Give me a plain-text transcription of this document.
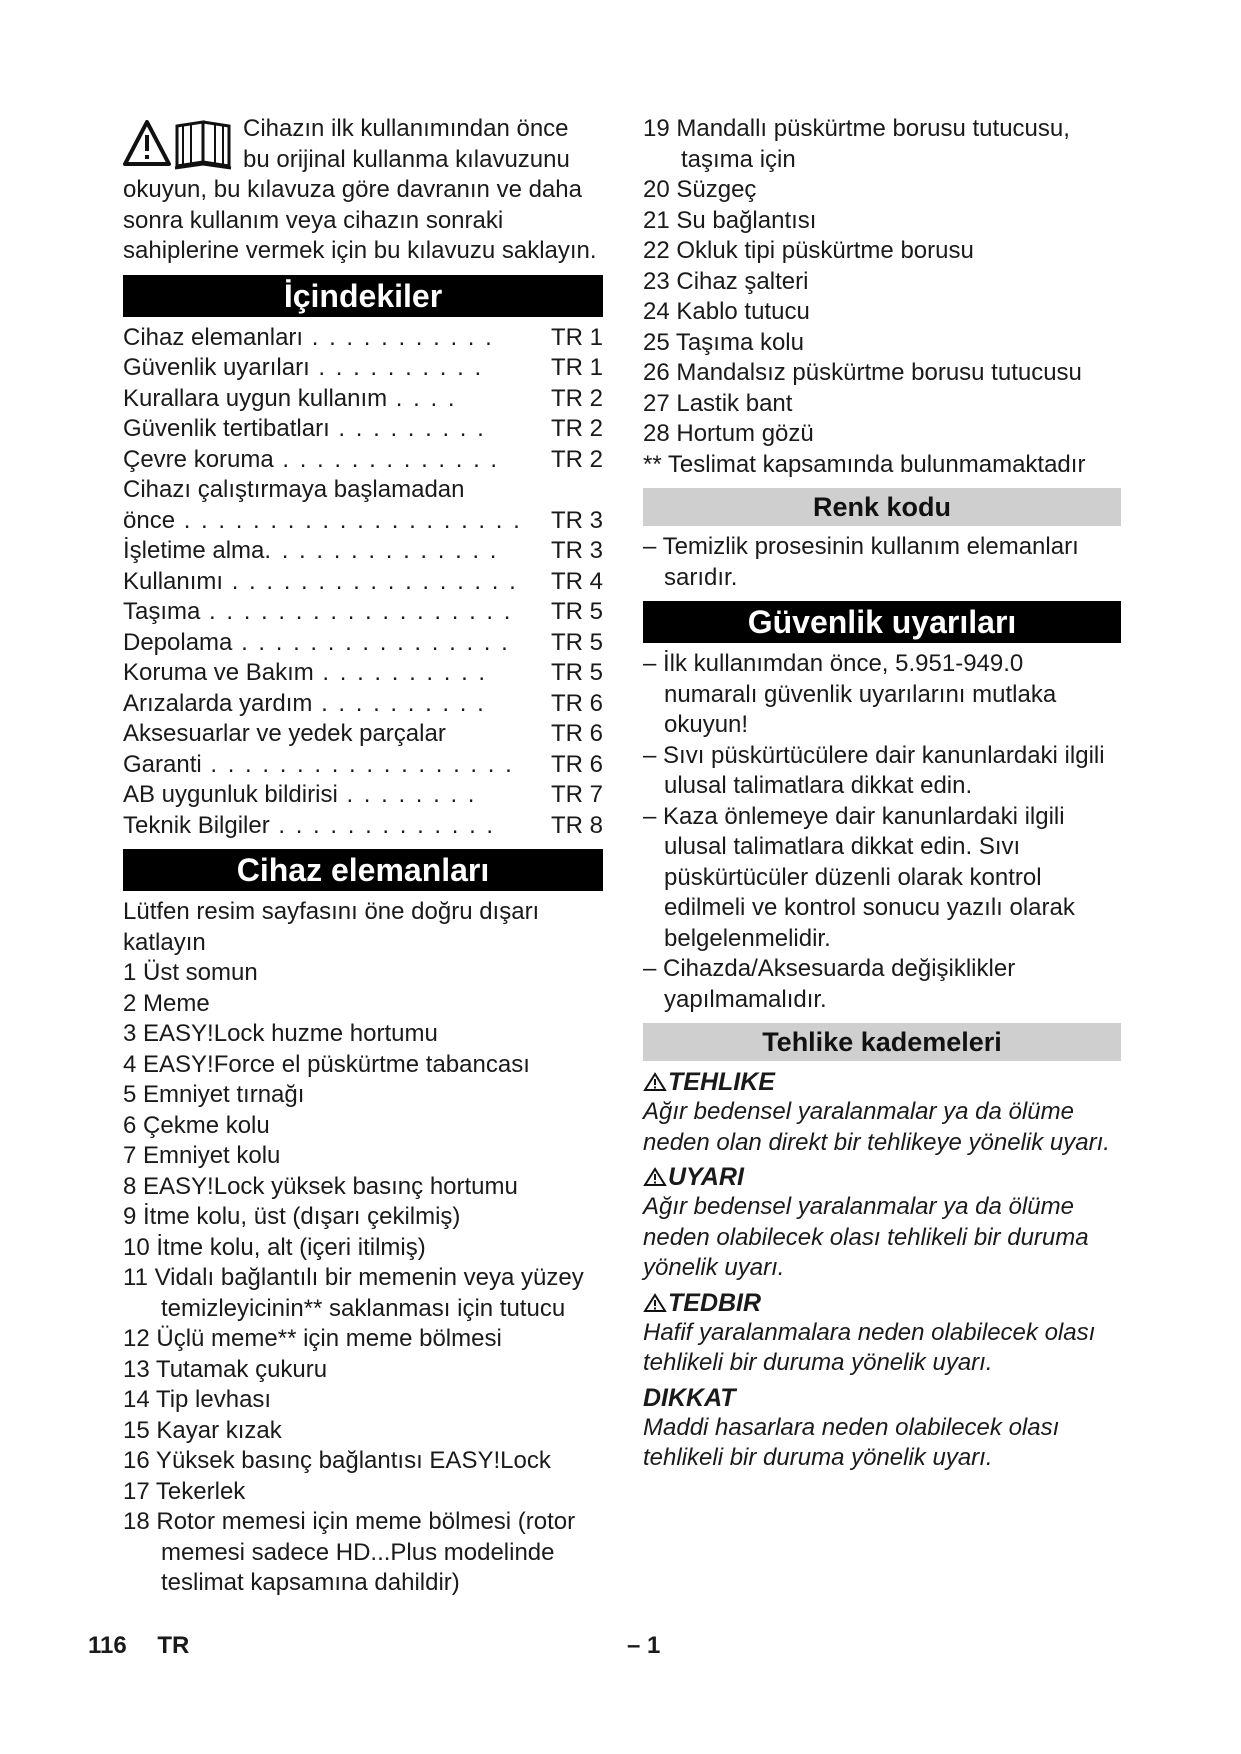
Cihazın ilk kullanımından önce

bu orijinal kullanma kılavuzunu

okuyun, bu kılavuza göre davranın ve daha sonra kullanım veya cihazın sonraki sahiplerine vermek için bu kılavuzu saklayın.

İçindekiler
Cihaz elemanları . . . . . . . . . . .	TR 1
Güvenlik uyarıları . . . . . . . . . .	TR 1
Kurallara uygun kullanım . . . .	TR 2
Güvenlik tertibatları . . . . . . . . .	TR 2
Çevre koruma . . . . . . . . . . . . .	TR 2
Cihazı çalıştırmaya başlamadan
önce . . . . . . . . . . . . . . . . . . . .	TR 3
İşletime alma. . . . . . . . . . . . . .	TR 3
Kullanımı . . . . . . . . . . . . . . . . .	TR 4
Taşıma . . . . . . . . . . . . . . . . . .	TR 5
Depolama . . . . . . . . . . . . . . . .	TR 5
Koruma ve Bakım . . . . . . . . . .	TR 5
Arızalarda yardım . . . . . . . . . .	TR 6
Aksesuarlar ve yedek parçalar	TR 6
Garanti . . . . . . . . . . . . . . . . . .	TR 6
AB uygunluk bildirisi . . . . . . . .	TR 7
Teknik Bilgiler . . . . . . . . . . . . .	TR 8
Cihaz elemanları

Lütfen resim sayfasını öne doğru dışarı katlayın

1 Üst somun

2 Meme

3 EASY!Lock huzme hortumu

4 EASY!Force el püskürtme tabancası

5 Emniyet tırnağı

6 Çekme kolu

7 Emniyet kolu

8 EASY!Lock yüksek basınç hortumu

9 İtme kolu, üst (dışarı çekilmiş)

10 İtme kolu, alt (içeri itilmiş)

11 Vidalı bağlantılı bir memenin veya yüzey temizleyicinin** saklanması için tutucu

12 Üçlü meme** için meme bölmesi

13 Tutamak çukuru

14 Tip levhası

15 Kayar kızak

16 Yüksek basınç bağlantısı EASY!Lock

17 Tekerlek

18 Rotor memesi için meme bölmesi (rotor memesi sadece HD...Plus modelinde teslimat kapsamına dahildir)

19 Mandallı püskürtme borusu tutucusu, taşıma için

20 Süzgeç

21 Su bağlantısı

22 Okluk tipi püskürtme borusu

23 Cihaz şalteri

24 Kablo tutucu

25 Taşıma kolu

26 Mandalsız püskürtme borusu tutucusu

27 Lastik bant

28 Hortum gözü

** Teslimat kapsamında bulunmamaktadır

Renk kodu

– Temizlik prosesinin kullanım elemanları sarıdır.

Güvenlik uyarıları

– İlk kullanımdan önce, 5.951-949.0 numaralı güvenlik uyarılarını mutlaka okuyun!

– Sıvı püskürtücülere dair kanunlardaki ilgili ulusal talimatlara dikkat edin.

– Kaza önlemeye dair kanunlardaki ilgili ulusal talimatlara dikkat edin. Sıvı püskürtücüler düzenli olarak kontrol edilmeli ve kontrol sonucu yazılı olarak belgelenmelidir.

– Cihazda/Aksesuarda değişiklikler yapılmamalıdır.

Tehlike kademeleri
TEHLIKE
Ağır bedensel yaralanmalar ya da ölüme neden olan direkt bir tehlikeye yönelik uyarı.
UYARI
Ağır bedensel yaralanmalar ya da ölüme neden olabilecek olası tehlikeli bir duruma yönelik uyarı.
TEDBIR
Hafif yaralanmalara neden olabilecek olası tehlikeli bir duruma yönelik uyarı.
DIKKAT
Maddi hasarlara neden olabilecek olası tehlikeli bir duruma yönelik uyarı.
116 TR	– 1
